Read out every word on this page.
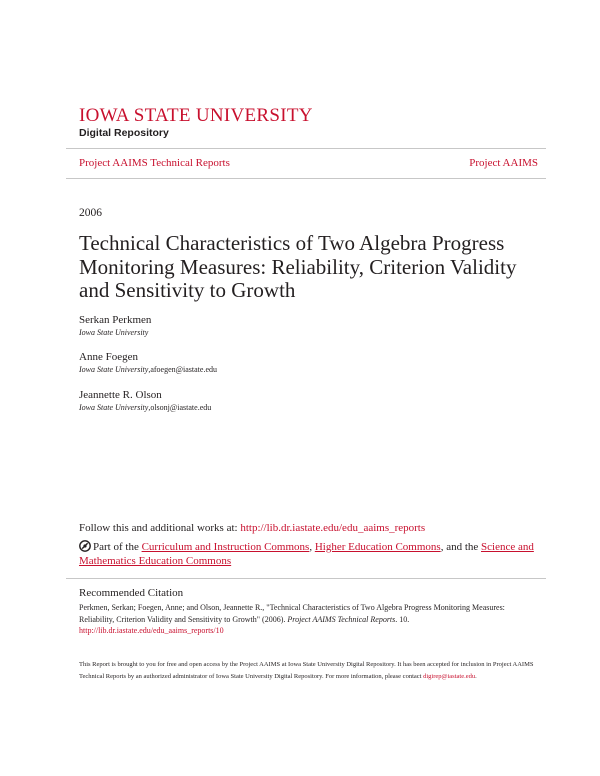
IOWA STATE UNIVERSITY
Digital Repository
Project AAIMS Technical Reports	Project AAIMS
2006
Technical Characteristics of Two Algebra Progress Monitoring Measures: Reliability, Criterion Validity and Sensitivity to Growth
Serkan Perkmen
Iowa State University
Anne Foegen
Iowa State University,afoegen@iastate.edu
Jeannette R. Olson
Iowa State University,olsonj@iastate.edu
Follow this and additional works at: http://lib.dr.iastate.edu/edu_aaims_reports
Part of the Curriculum and Instruction Commons, Higher Education Commons, and the Science and Mathematics Education Commons
Recommended Citation
Perkmen, Serkan; Foegen, Anne; and Olson, Jeannette R., "Technical Characteristics of Two Algebra Progress Monitoring Measures: Reliability, Criterion Validity and Sensitivity to Growth" (2006). Project AAIMS Technical Reports. 10.
http://lib.dr.iastate.edu/edu_aaims_reports/10
This Report is brought to you for free and open access by the Project AAIMS at Iowa State University Digital Repository. It has been accepted for inclusion in Project AAIMS Technical Reports by an authorized administrator of Iowa State University Digital Repository. For more information, please contact digirep@iastate.edu.
